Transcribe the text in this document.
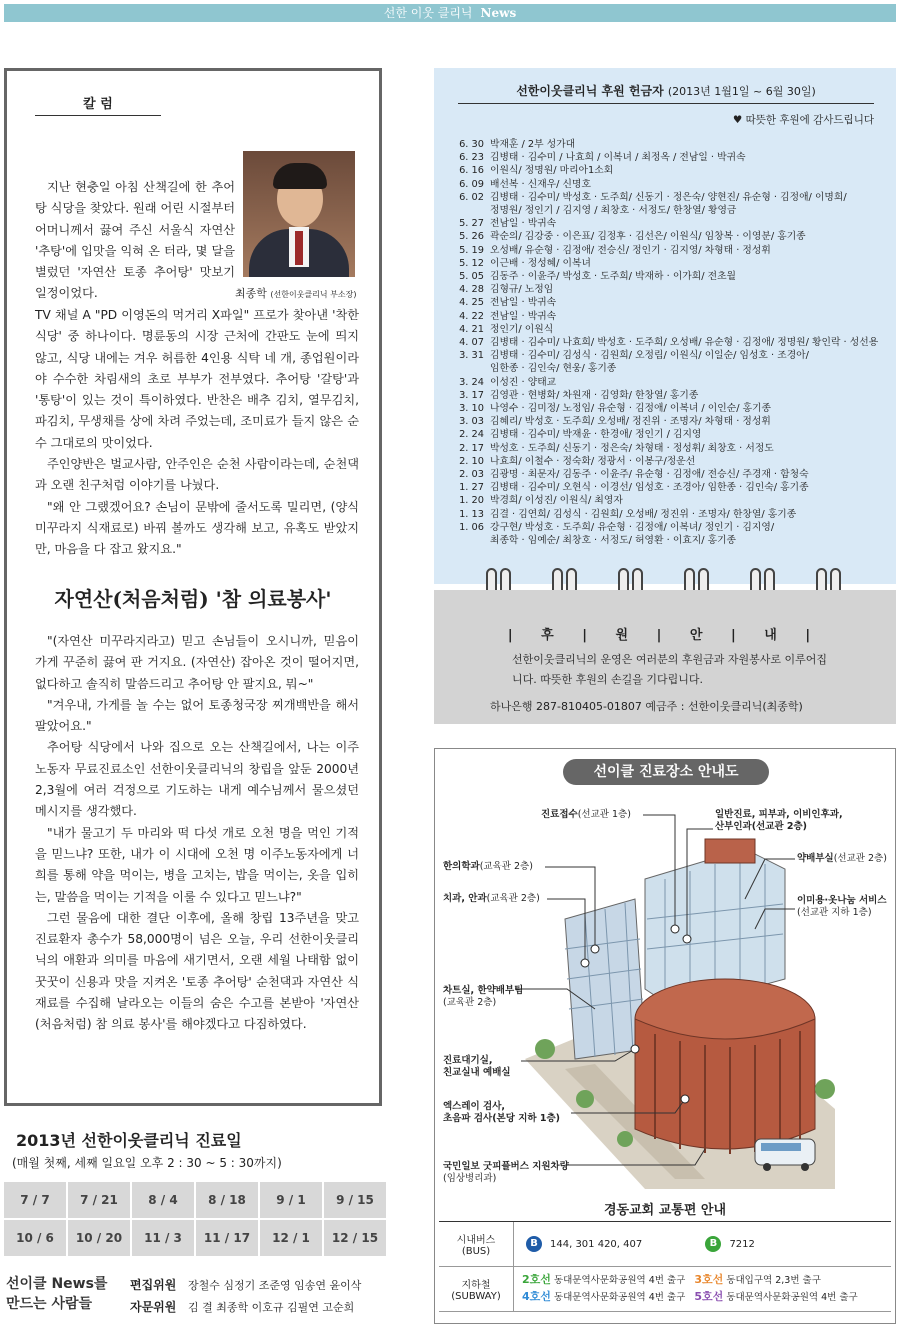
선한 이웃 클리닉 News
칼 럼
최종학 (선한이웃클리닉 부소장)

지난 현충일 아침 산책길에 한 추어탕 식당을 찾았다. 원래 어린 시절부터 어머니께서 끓여 주신 서울식 자연산 '추탕'에 입맛을 익혀 온 터라, 몇 달을 별렀던 '자연산 토종 추어탕' 맛보기 일정이었다.

TV 채널 A "PD 이영돈의 먹거리 X파일" 프로가 찾아낸 '착한 식당' 중 하나이다. 명륜동의 시장 근처에 간판도 눈에 띄지 않고, 식당 내에는 겨우 허름한 4인용 식탁 네 개, 종업원이라야 수수한 차림새의 초로 부부가 전부였다. 추어탕 '갈탕'과 '통탕'이 있는 것이 특이하였다. 반찬은 배추 김치, 열무김치, 파김치, 무생채를 상에 차려 주었는데, 조미료가 들지 않은 순수 그대로의 맛이었다.

주인양반은 벌교사람, 안주인은 순천 사람이라는데, 순천댁과 오랜 친구처럼 이야기를 나눴다.

"왜 안 그랬겠어요? 손님이 문밖에 줄서도록 밀리면, (양식 미꾸라지 식재료로) 바꿔 볼까도 생각해 보고, 유혹도 받았지만, 마음을 다 잡고 왔지요."

자연산(처음처럼) '참 의료봉사'

"(자연산 미꾸라지라고) 믿고 손님들이 오시니까, 믿음이 가게 꾸준히 끓여 판 거지요. (자연산) 잡아온 것이 떨어지면, 없다하고 솔직히 말씀드리고 추어탕 안 팔지요, 뭐~"

"겨우내, 가게를 놀 수는 없어 토종청국장 찌개백반을 해서 팔았어요."

추어탕 식당에서 나와 집으로 오는 산책길에서, 나는 이주노동자 무료진료소인 선한이웃클리닉의 창립을 앞둔 2000년 2,3월에 여러 걱정으로 기도하는 내게 예수님께서 물으셨던 메시지를 생각했다.

"내가 물고기 두 마리와 떡 다섯 개로 오천 명을 먹인 기적을 믿느냐? 또한, 내가 이 시대에 오천 명 이주노동자에게 너희를 통해 약을 먹이는, 병을 고치는, 밥을 먹이는, 옷을 입히는, 말씀을 먹이는 기적을 이룰 수 있다고 믿느냐?"

그런 물음에 대한 결단 이후에, 올해 창립 13주년을 맞고 진료환자 총수가 58,000명이 넘은 오늘, 우리 선한이웃클리닉의 애환과 의미를 마음에 새기면서, 오랜 세월 나태함 없이 꿋꿋이 신용과 맛을 지켜온 '토종 추어탕' 순천댁과 자연산 식재료를 수집해 날라오는 이들의 숨은 수고를 본받아 '자연산 (처음처럼) 참 의료 봉사'를 해야겠다고 다짐하였다.

2013년 선한이웃클리닉 진료일
(매월 첫째, 세째 일요일 오후 2 : 30 ~ 5 : 30까지)
7 / 7	7 / 21	8 / 4	8 / 18	9 / 1	9 / 15
10 / 6	10 / 20	11 / 3	11 / 17	12 / 1	12 / 15
선이클 News를
만드는 사람들
편집위원 장철수 심정기 조준영 임송연 윤이삭
자문위원 김 결 최종학 이호규 김필연 고순희
선한이웃클리닉 후원 헌금자 (2013년 1월1일 ~ 6월 30일)
♥ 따뜻한 후원에 감사드립니다
6. 30 박재훈 / 2부 성가대
6. 23 김병태 · 김수미 / 나효희 / 이복녀 / 최정옥 / 전남일 · 박귀속
6. 16 이원식/ 정명원/ 마리아1소회
6. 09 배선복 · 신재우/ 신명호
6. 02 김병태 · 김수미/ 박성호 · 도주희/ 신동기 · 정은숙/ 양현진/ 유순형 · 김정애/ 이명희/
정명원/ 정인기 / 김지영 / 최창호 · 서정도/ 한창열/ 황영금
5. 27 전남일 · 박귀속
5. 26 곽순의/ 김강중 · 이은표/ 김정후 · 김선은/ 이원식/ 임창복 · 이영분/ 홍기종
5. 19 오성배/ 유순형 · 김정애/ 전승신/ 정인기 · 김지영/ 차형태 · 정성휘
5. 12 이근배 · 정성혜/ 이복녀
5. 05 김동주 · 이윤주/ 박성호 · 도주희/ 박재하 · 이가희/ 전초월
4. 28 김형규/ 노정임
4. 25 전남일 · 박귀속
4. 22 전남일 · 박귀속
4. 21 정인기/ 이원식
4. 07 김병태 · 김수미/ 나효희/ 박성호 · 도주희/ 오성배/ 유순형 · 김정애/ 정명원/ 황인락 · 성선용
3. 31 김병태 · 김수미/ 김성식 · 김원희/ 오정림/ 이원식/ 이일순/ 임성호 · 조경아/
임한종 · 김인숙/ 현웅/ 홍기종
3. 24 이성진 · 양태교
3. 17 김영관 · 현병화/ 차원재 · 김영화/ 한창열/ 홍기종
3. 10 나영수 · 김미정/ 노정임/ 유순형 · 김정애/ 이복녀 / 이인순/ 홍기종
3. 03 김혜리/ 박성호 · 도주희/ 오성배/ 정진위 · 조명자/ 차형태 · 정성휘
2. 24 김병태 · 김수미/ 박재윤 · 한경애/ 정인기 / 김지영
2. 17 박성호 · 도주희/ 신동기 · 정은숙/ 차형태 · 정성휘/ 최창호 · 서정도
2. 10 나효희/ 이철수 · 정숙화/ 정광서 · 이봉구/정운선
2. 03 김광명 · 최문자/ 김동주 · 이윤주/ 유순형 · 김정애/ 전승신/ 주경재 · 함청숙
1. 27 김병태 · 김수미/ 오현식 · 이경선/ 임성호 · 조경아/ 임한종 · 김인숙/ 홍기종
1. 20 박경희/ 이성진/ 이원식/ 최영자
1. 13 김결 · 김연희/ 김성식 · 김원희/ 오성배/ 정진위 · 조명자/ 한창열/ 홍기종
1. 06 강구현/ 박성호 · 도주희/ 유순형 · 김정애/ 이복녀/ 정인기 · 김지영/
최종학 · 임예순/ 최창호 · 서정도/ 허영환 · 이효지/ 홍기종
| 후 | 원 | 안 | 내 |
선한이웃클리닉의 운영은 여러분의 후원금과 자원봉사로 이루어집니다. 따뜻한 후원의 손길을 기다립니다.
하나은행 287-810405-01807 예금주 : 선한이웃클리닉(최종학)
선이클 진료장소 안내도
진료접수(선교관 1층)	일반진료, 피부과, 이비인후과,
산부인과(선교관 2층)
한의학과(교육관 2층)
약배부실(선교관 2층)
치과, 안과(교육관 2층)	이미용·옷나눔 서비스
(선교관 지하 1층)
차트실, 한약배부팀
(교육관 2층)
진료대기실,
친교실내 예배실
엑스레이 검사,
초음파 검사(본당 지하 1층)
국민일보 굿피플버스 지원차량
(임상병리과)
경동교회 교통편 안내
시내버스
(BUS)
B 144, 301 420, 407	B 7212
지하철
(SUBWAY)
2호선 동대문역사문화공원역 4번 출구 3호선 동대입구역 2,3번 출구
4호선 동대문역사문화공원역 4번 출구 5호선 동대문역사문화공원역 4번 출구
